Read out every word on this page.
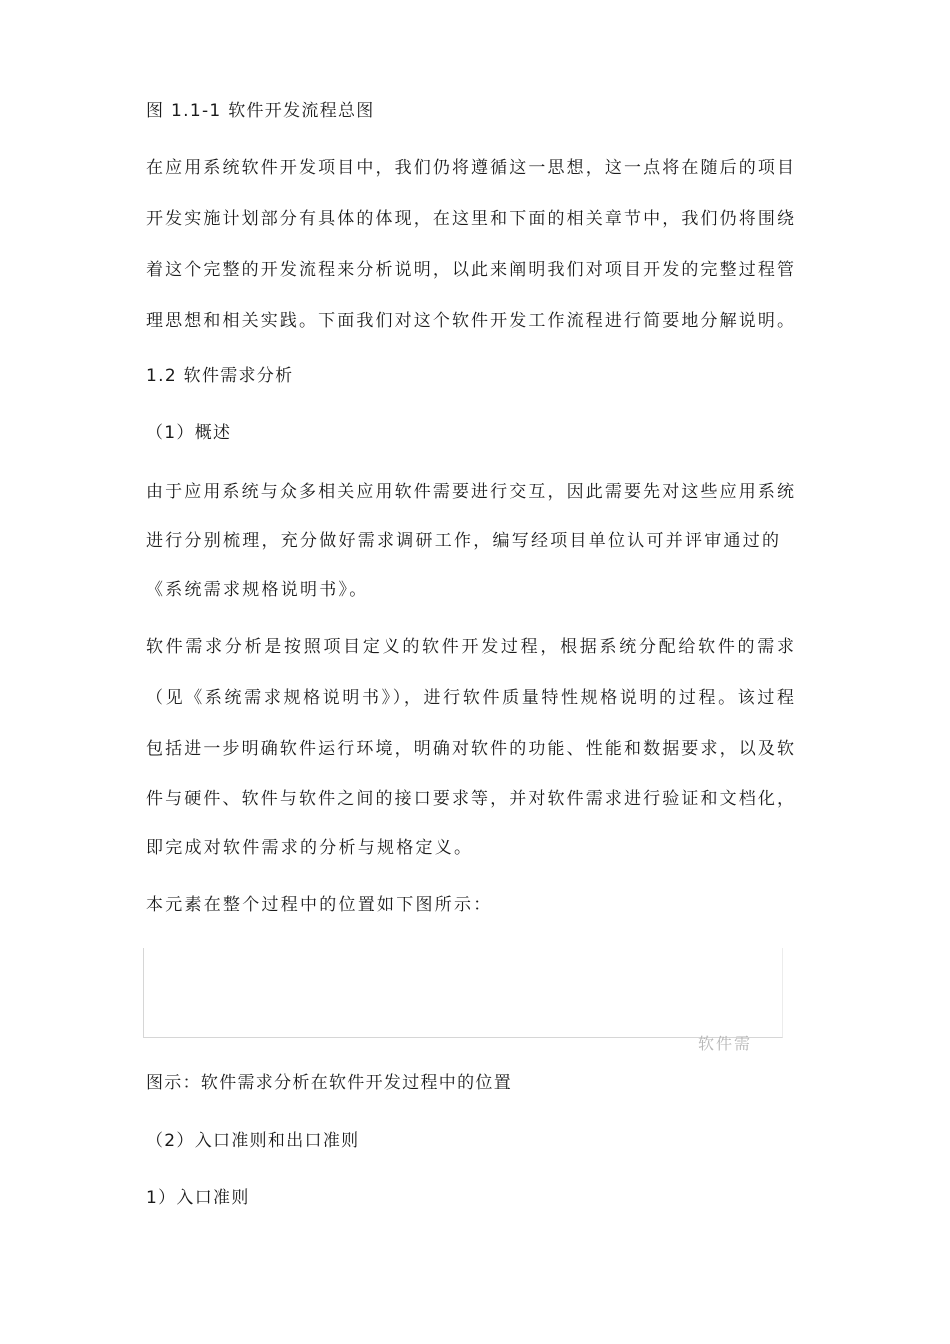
图 1.1-1 软件开发流程总图
在应用系统软件开发项目中，我们仍将遵循这一思想，这一点将在随后的项目
开发实施计划部分有具体的体现，在这里和下面的相关章节中，我们仍将围绕
着这个完整的开发流程来分析说明，以此来阐明我们对项目开发的完整过程管
理思想和相关实践。下面我们对这个软件开发工作流程进行简要地分解说明。
1.2 软件需求分析
（1）概述
由于应用系统与众多相关应用软件需要进行交互，因此需要先对这些应用系统
进行分别梳理，充分做好需求调研工作，编写经项目单位认可并评审通过的
《系统需求规格说明书》。
软件需求分析是按照项目定义的软件开发过程，根据系统分配给软件的需求
（见《系统需求规格说明书》），进行软件质量特性规格说明的过程。该过程
包括进一步明确软件运行环境，明确对软件的功能、性能和数据要求，以及软
件与硬件、软件与软件之间的接口要求等，并对软件需求进行验证和文档化，
即完成对软件需求的分析与规格定义。
本元素在整个过程中的位置如下图所示：
软件需
图示：软件需求分析在软件开发过程中的位置
（2）入口准则和出口准则
1）入口准则
